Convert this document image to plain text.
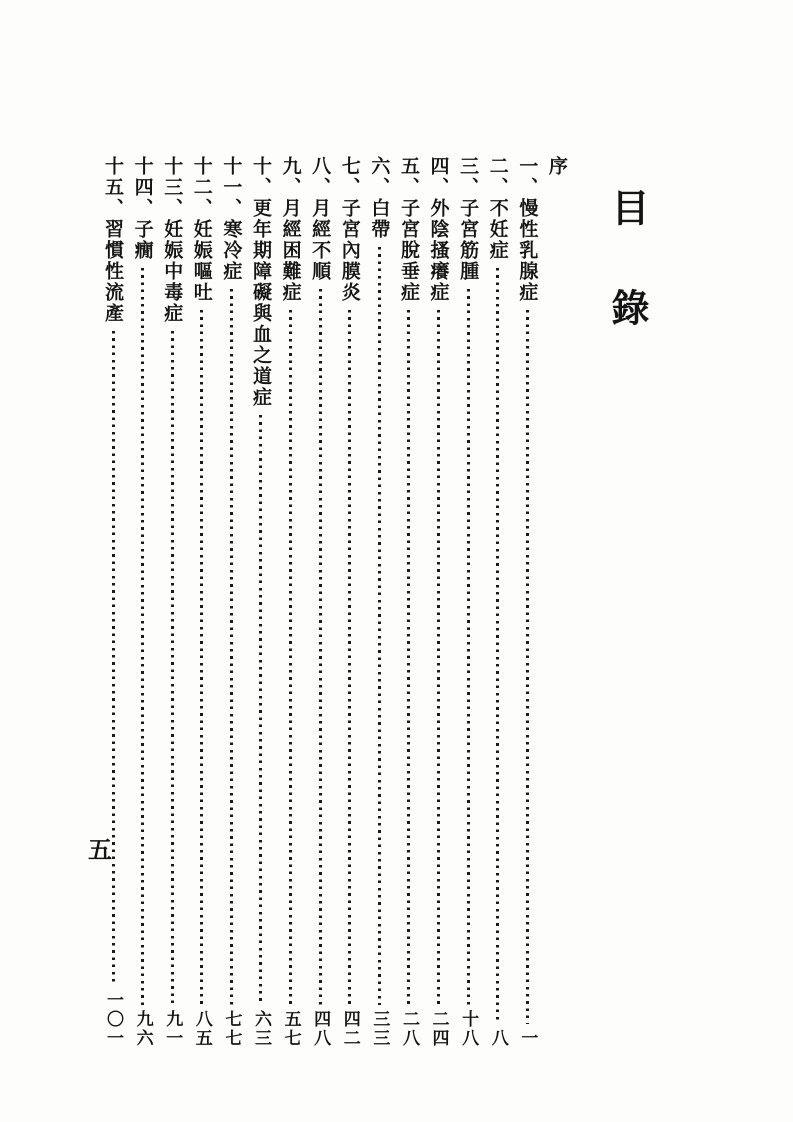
目錄
序
一、慢性乳腺症
一
二、不妊症
八
三、子宮筋腫
十八
四、外陰搔癢症
二四
五、子宮脫垂症
二八
六、白帶
三三
七、子宮內膜炎
四二
八、月經不順
四八
九、月經困難症
五七
十、更年期障礙與血之道症
六三
十一、寒冷症
七七
十二、妊娠嘔吐
八五
十三、妊娠中毒症
九一
十四、子癇
九六
十五、習慣性流產
一〇一
五
